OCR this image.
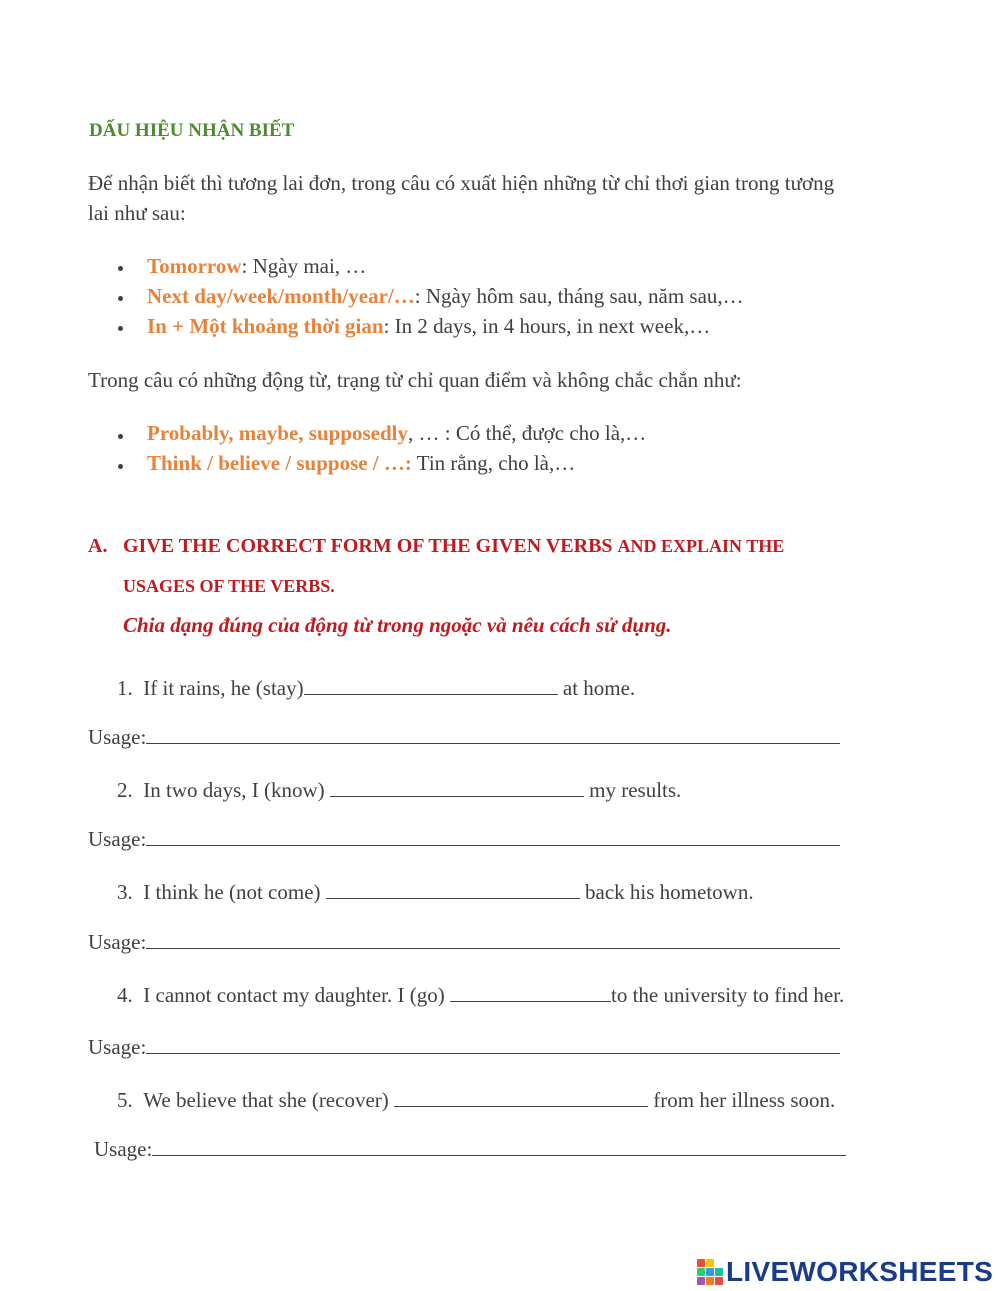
DẤU HIỆU NHẬN BIẾT
Để nhận biết thì tương lai đơn, trong câu có xuất hiện những từ chỉ thơi gian trong tương
lai như sau:
Tomorrow: Ngày mai, …
Next day/week/month/year/…: Ngày hôm sau, tháng sau, năm sau,…
In + Một khoảng thời gian: In 2 days, in 4 hours, in next week,…
Trong câu có những động từ, trạng từ chỉ quan điểm và không chắc chắn như:
Probably, maybe, supposedly, … : Có thể, được cho là,…
Think / believe / suppose / …: Tin rằng, cho là,…
A. GIVE THE CORRECT FORM OF THE GIVEN VERBS AND EXPLAIN THE
USAGES OF THE VERBS.
Chia dạng đúng của động từ trong ngoặc và nêu cách sử dụng.
1. If it rains, he (stay)	at home.
Usage:
2. In two days, I (know)	my results.
Usage:
3. I think he (not come)	back his hometown.
Usage:
4. I cannot contact my daughter. I (go)	to the university to find her.
Usage:
5. We believe that she (recover)	from her illness soon.
Usage:
LIVEWORKSHEETS
